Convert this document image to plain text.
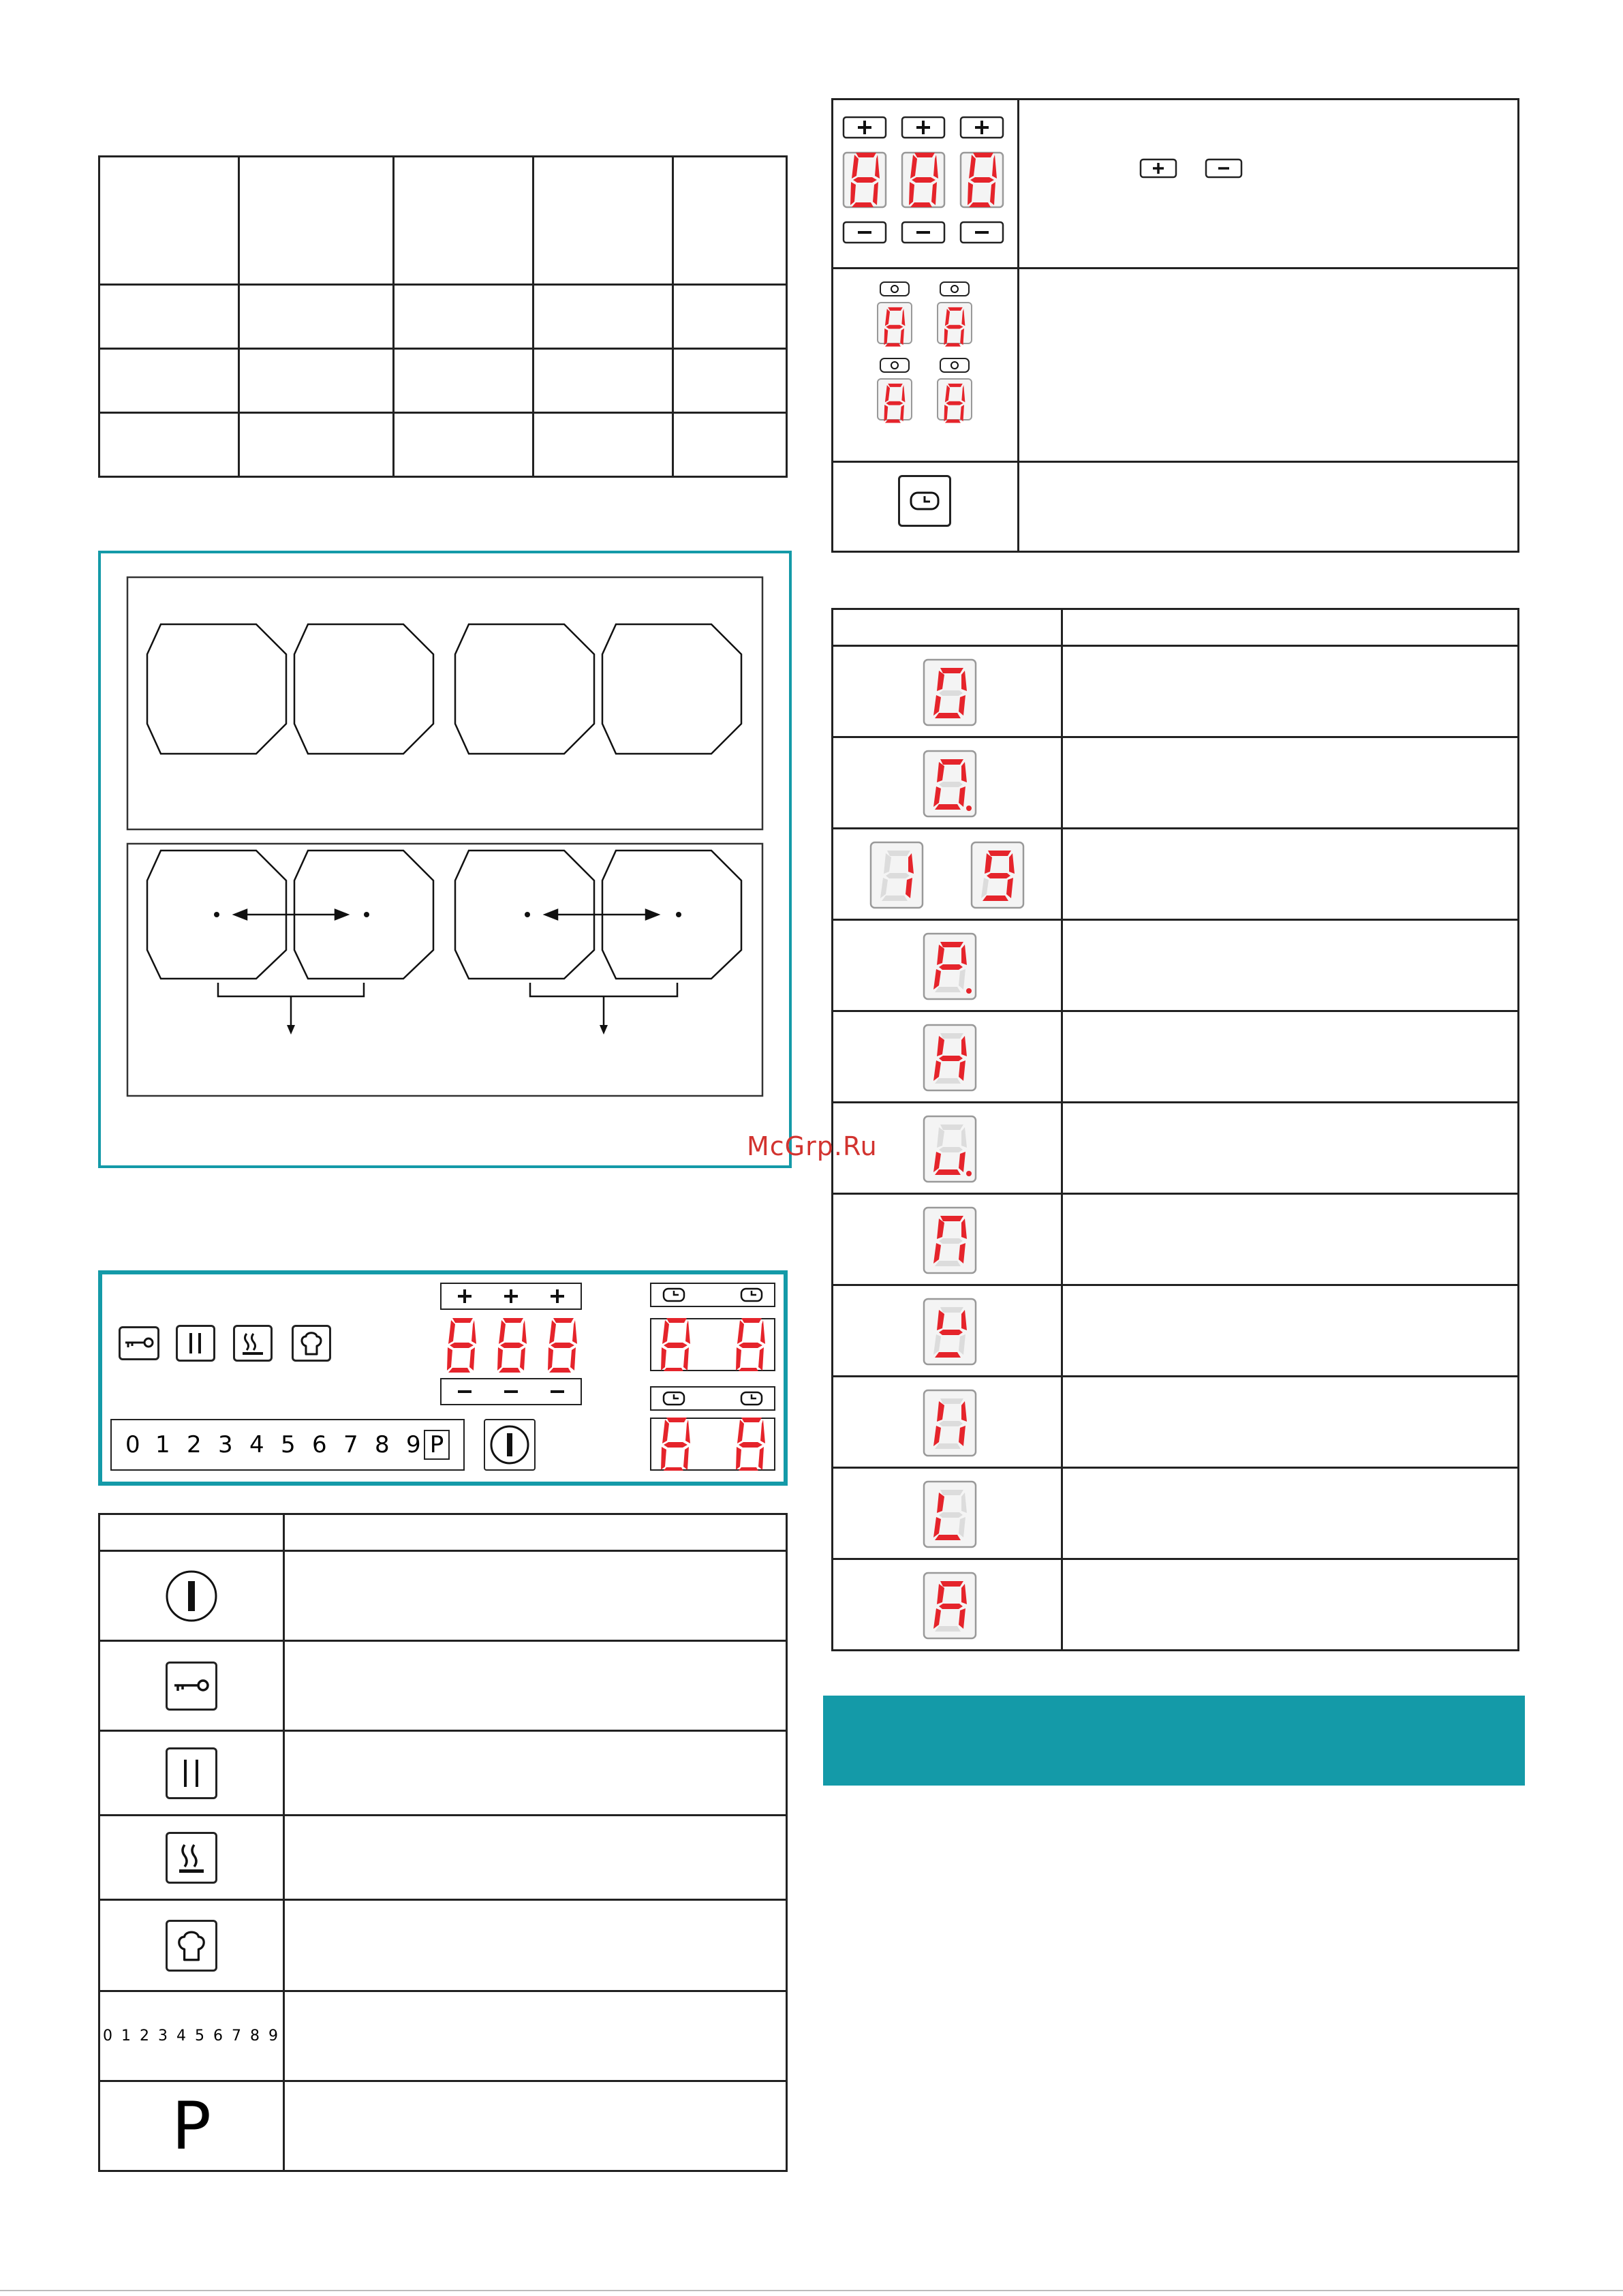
0 1 2 3 4 5 6 7 8 9 P

0 1 2 3 4 5 6 7 8 9	
P	

McGrp.Ru
